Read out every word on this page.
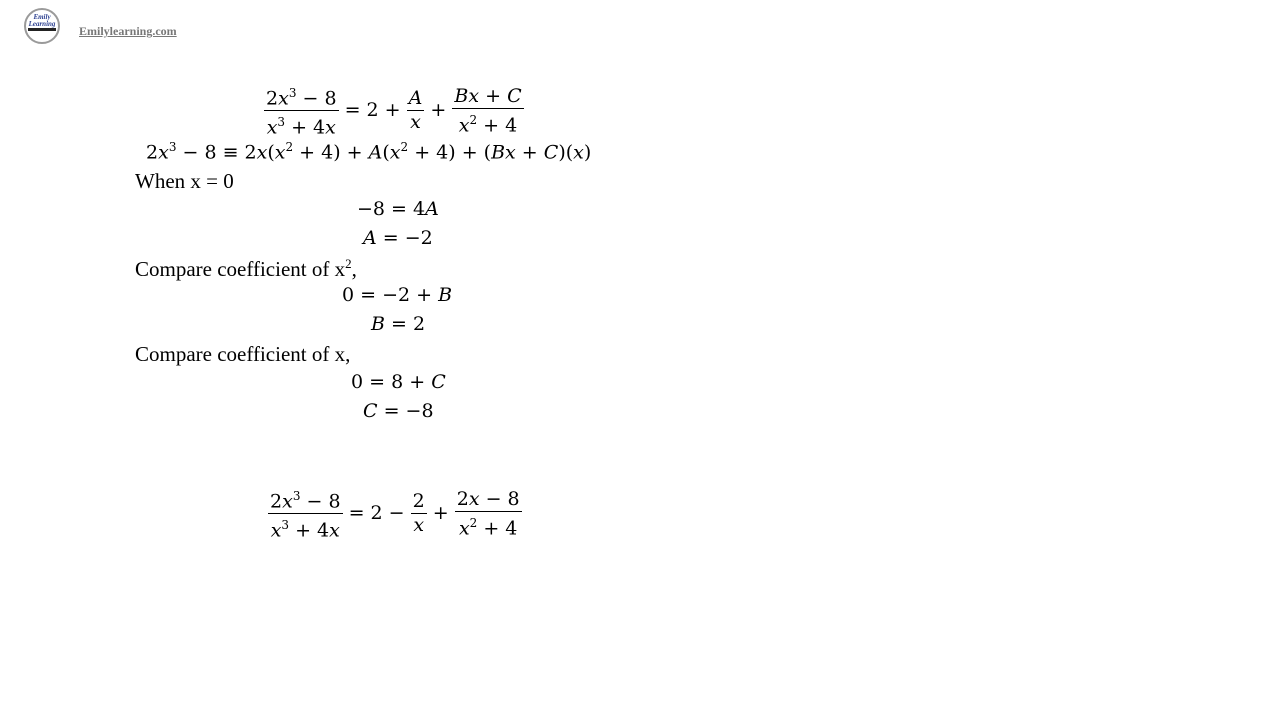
Emily
Learning Emilylearning.com
$\frac{2x^3 - 8}{x^3 + 4x} = 2 + \frac{A}{x} + \frac{Bx + C}{x^2 + 4}$
$2x^3 - 8 \equiv 2x(x^2 + 4) + A(x^2 + 4) + (Bx + C)(x)$
When x = 0
−8 = 4A
A = −2
Compare coefficient of $x^2$,
0 = −2 + B
B = 2
Compare coefficient of x,
0 = 8 + C
C = −8
$\frac{2x^3 - 8}{x^3 + 4x} = 2 - \frac{2}{x} + \frac{2x - 8}{x^2 + 4}$
